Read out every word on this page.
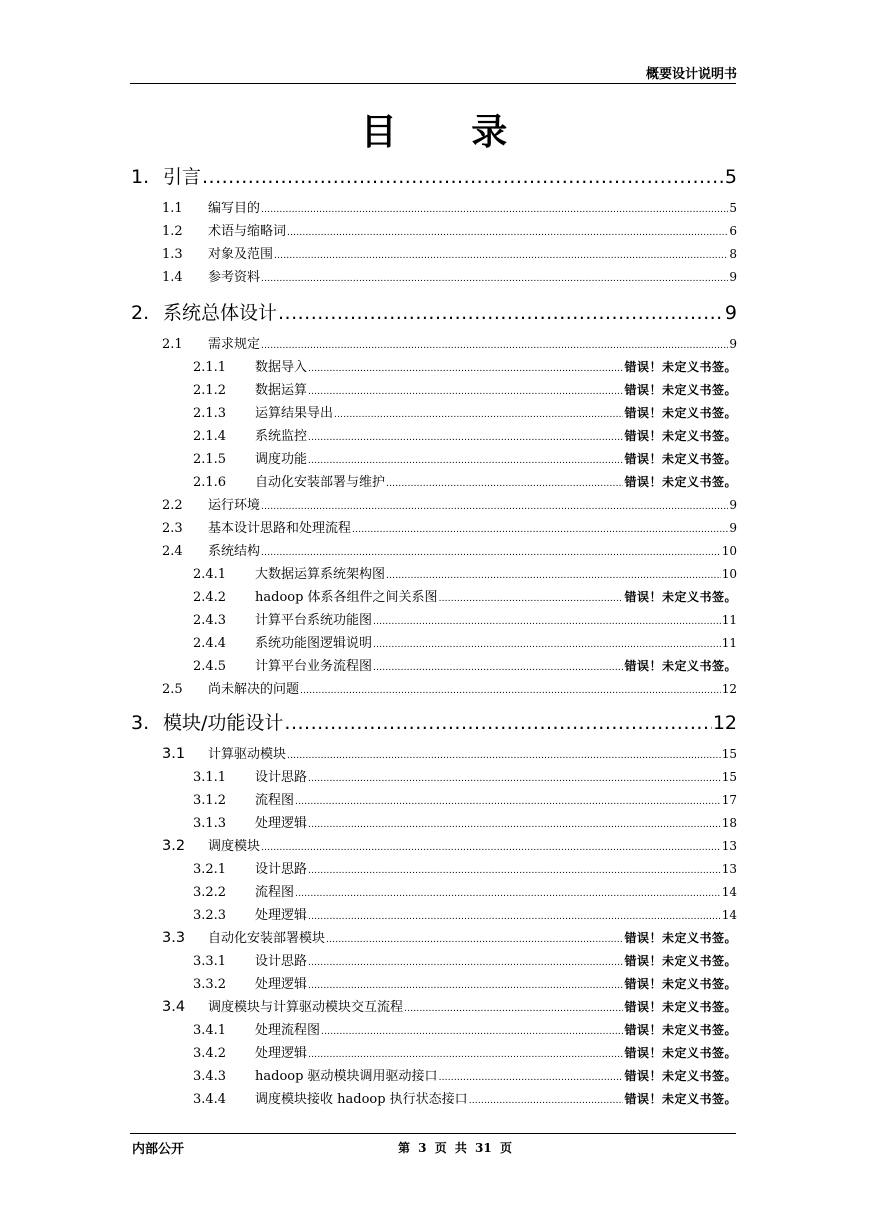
概要设计说明书
目 录
1. 引言 .....	5
1.1	编写目的 .....	5
1.2	术语与缩略词 .....	6
1.3	对象及范围 .....	8
1.4	参考资料 .....	9
2. 系统总体设计 .....	9
2.1	需求规定 .....	9
2.1.1	数据导入 .....	错误！未定义书签。
2.1.2	数据运算 .....	错误！未定义书签。
2.1.3	运算结果导出 .....	错误！未定义书签。
2.1.4	系统监控 .....	错误！未定义书签。
2.1.5	调度功能 .....	错误！未定义书签。
2.1.6	自动化安装部署与维护 .....	错误！未定义书签。
2.2	运行环境 .....	9
2.3	基本设计思路和处理流程 .....	9
2.4	系统结构 .....	10
2.4.1	大数据运算系统架构图 .....	10
2.4.2	hadoop 体系各组件之间关系图 .....	错误！未定义书签。
2.4.3	计算平台系统功能图 .....	11
2.4.4	系统功能图逻辑说明 .....	11
2.4.5	计算平台业务流程图 .....	错误！未定义书签。
2.5	尚未解决的问题 .....	12
3. 模块/功能设计 .....	12
3.1	计算驱动模块 .....	15
3.1.1	设计思路 .....	15
3.1.2	流程图 .....	17
3.1.3	处理逻辑 .....	18
3.2	调度模块 .....	13
3.2.1	设计思路 .....	13
3.2.2	流程图 .....	14
3.2.3	处理逻辑 .....	14
3.3	自动化安装部署模块 .....	错误！未定义书签。
3.3.1	设计思路 .....	错误！未定义书签。
3.3.2	处理逻辑 .....	错误！未定义书签。
3.4	调度模块与计算驱动模块交互流程 .....	错误！未定义书签。
3.4.1	处理流程图 .....	错误！未定义书签。
3.4.2	处理逻辑 .....	错误！未定义书签。
3.4.3	hadoop 驱动模块调用驱动接口 .....	错误！未定义书签。
3.4.4	调度模块接收 hadoop 执行状态接口 .....	错误！未定义书签。
内部公开	第 3 页 共 31 页
